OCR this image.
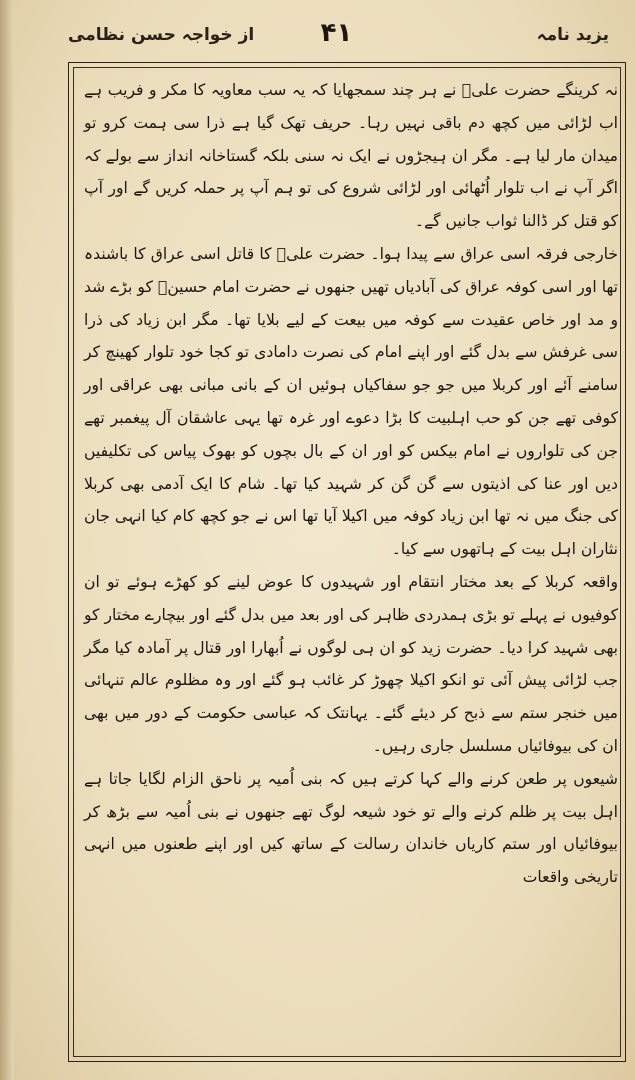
یزید نامہ
۴۱
از خواجہ حسن نظامی

نہ کرینگے حضرت علیؓ نے ہر چند سمجھایا کہ یہ سب معاویہ کا مکر و فریب ہے اب لڑائی میں کچھ دم باقی نہیں رہا۔ حریف تھک گیا ہے ذرا سی ہمت کرو تو میدان مار لیا ہے۔ مگر ان ہیجڑوں نے ایک نہ سنی بلکہ گستاخانہ انداز سے بولے کہ اگر آپ نے اب تلوار اُٹھائی اور لڑائی شروع کی تو ہم آپ پر حملہ کریں گے اور آپ کو قتل کر ڈالنا ثواب جانیں گے۔

خارجی فرقہ اسی عراق سے پیدا ہوا۔ حضرت علیؓ کا قاتل اسی عراق کا باشندہ تھا اور اسی کوفہ عراق کی آبادیاں تھیں جنھوں نے حضرت امام حسینؓ کو بڑے شد و مد اور خاص عقیدت سے کوفہ میں بیعت کے لیے بلایا تھا۔ مگر ابن زیاد کی ذرا سی غرفش سے بدل گئے اور اپنے امام کی نصرت دامادی تو کجا خود تلوار کھینچ کر سامنے آئے اور کربلا میں جو جو سفاکیاں ہوئیں ان کے بانی مبانی بھی عراقی اور کوفی تھے جن کو حب اہلبیت کا بڑا دعوے اور غرہ تھا یہی عاشقان آل پیغمبر تھے جن کی تلواروں نے امام بیکس کو اور ان کے بال بچوں کو بھوک پیاس کی تکلیفیں دیں اور عنا کی اذیتوں سے گن گن کر شہید کیا تھا۔ شام کا ایک آدمی بھی کربلا کی جنگ میں نہ تھا ابن زیاد کوفہ میں اکیلا آیا تھا اس نے جو کچھ کام کیا انہی جان نثاران اہل بیت کے ہاتھوں سے کیا۔

واقعہ کربلا کے بعد مختار انتقام اور شہیدوں کا عوض لینے کو کھڑے ہوئے تو ان کوفیوں نے پہلے تو بڑی ہمدردی ظاہر کی اور بعد میں بدل گئے اور بیچارے مختار کو بھی شہید کرا دیا۔ حضرت زید کو ان ہی لوگوں نے اُبھارا اور قتال پر آمادہ کیا مگر جب لڑائی پیش آئی تو انکو اکیلا چھوڑ کر غائب ہو گئے اور وہ مظلوم عالم تنہائی میں خنجر ستم سے ذبح کر دیئے گئے۔ یہانتک کہ عباسی حکومت کے دور میں بھی ان کی بیوفائیاں مسلسل جاری رہیں۔

شیعوں پر طعن کرنے والے کہا کرتے ہیں کہ بنی اُمیہ پر ناحق الزام لگایا جاتا ہے اہل بیت پر ظلم کرنے والے تو خود شیعہ لوگ تھے جنھوں نے بنی اُمیہ سے بڑھ کر بیوفائیاں اور ستم کاریاں خاندان رسالت کے ساتھ کیں اور اپنے طعنوں میں انہی تاریخی واقعات
